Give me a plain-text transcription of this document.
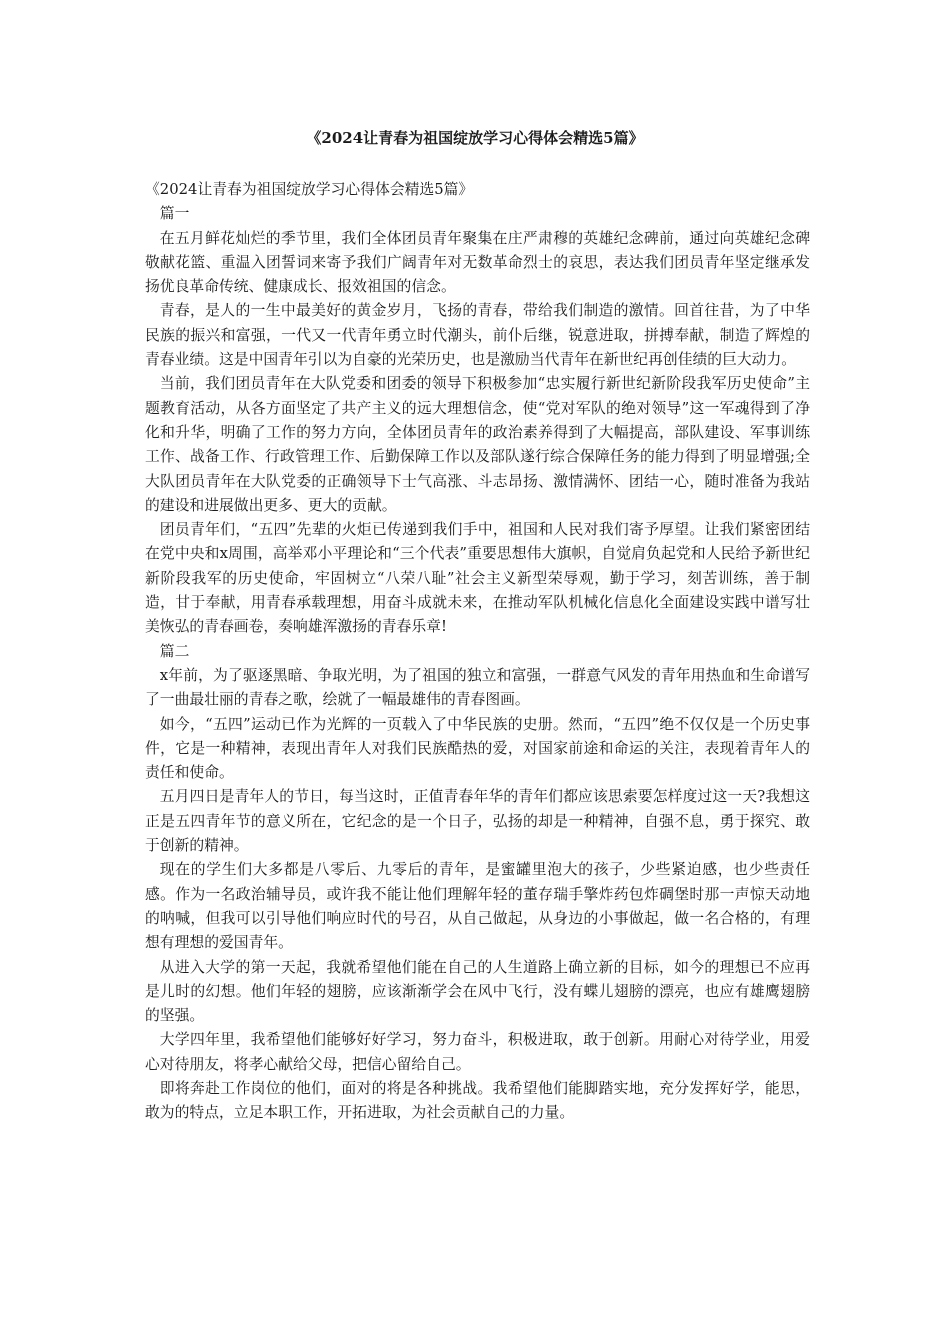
《2024让青春为祖国绽放学习心得体会精选5篇》

《2024让青春为祖国绽放学习心得体会精选5篇》

篇一

在五月鲜花灿烂的季节里，我们全体团员青年聚集在庄严肃穆的英雄纪念碑前，通过向英雄纪念碑敬献花篮、重温入团誓词来寄予我们广阔青年对无数革命烈士的哀思，表达我们团员青年坚定继承发扬优良革命传统、健康成长、报效祖国的信念。

青春，是人的一生中最美好的黄金岁月，飞扬的青春，带给我们制造的激情。回首往昔，为了中华民族的振兴和富强，一代又一代青年勇立时代潮头，前仆后继，锐意进取，拼搏奉献，制造了辉煌的青春业绩。这是中国青年引以为自豪的光荣历史，也是激励当代青年在新世纪再创佳绩的巨大动力。

当前，我们团员青年在大队党委和团委的领导下积极参加“忠实履行新世纪新阶段我军历史使命”主题教育活动，从各方面坚定了共产主义的远大理想信念，使“党对军队的绝对领导”这一军魂得到了净化和升华，明确了工作的努力方向，全体团员青年的政治素养得到了大幅提高，部队建设、军事训练工作、战备工作、行政管理工作、后勤保障工作以及部队遂行综合保障任务的能力得到了明显增强;全大队团员青年在大队党委的正确领导下士气高涨、斗志昂扬、激情满怀、团结一心，随时准备为我站的建设和进展做出更多、更大的贡献。

团员青年们，“五四”先辈的火炬已传递到我们手中，祖国和人民对我们寄予厚望。让我们紧密团结在党中央和x周围，高举邓小平理论和“三个代表”重要思想伟大旗帜，自觉肩负起党和人民给予新世纪新阶段我军的历史使命，牢固树立“八荣八耻”社会主义新型荣辱观，勤于学习，刻苦训练，善于制造，甘于奉献，用青春承载理想，用奋斗成就未来，在推动军队机械化信息化全面建设实践中谱写壮美恢弘的青春画卷，奏响雄浑激扬的青春乐章!

篇二

x年前，为了驱逐黑暗、争取光明，为了祖国的独立和富强，一群意气风发的青年用热血和生命谱写了一曲最壮丽的青春之歌，绘就了一幅最雄伟的青春图画。

如今，“五四”运动已作为光辉的一页载入了中华民族的史册。然而，“五四”绝不仅仅是一个历史事件，它是一种精神，表现出青年人对我们民族酷热的爱，对国家前途和命运的关注，表现着青年人的责任和使命。

五月四日是青年人的节日，每当这时，正值青春年华的青年们都应该思索要怎样度过这一天?我想这正是五四青年节的意义所在，它纪念的是一个日子，弘扬的却是一种精神，自强不息，勇于探究、敢于创新的精神。

现在的学生们大多都是八零后、九零后的青年，是蜜罐里泡大的孩子，少些紧迫感，也少些责任感。作为一名政治辅导员，或许我不能让他们理解年轻的董存瑞手擎炸药包炸碉堡时那一声惊天动地的呐喊，但我可以引导他们响应时代的号召，从自己做起，从身边的小事做起，做一名合格的，有理想有理想的爱国青年。

从进入大学的第一天起，我就希望他们能在自己的人生道路上确立新的目标，如今的理想已不应再是儿时的幻想。他们年轻的翅膀，应该渐渐学会在风中飞行，没有蝶儿翅膀的漂亮，也应有雄鹰翅膀的坚强。

大学四年里，我希望他们能够好好学习，努力奋斗，积极进取，敢于创新。用耐心对待学业，用爱心对待朋友，将孝心献给父母，把信心留给自己。

即将奔赴工作岗位的他们，面对的将是各种挑战。我希望他们能脚踏实地，充分发挥好学，能思，敢为的特点，立足本职工作，开拓进取，为社会贡献自己的力量。
